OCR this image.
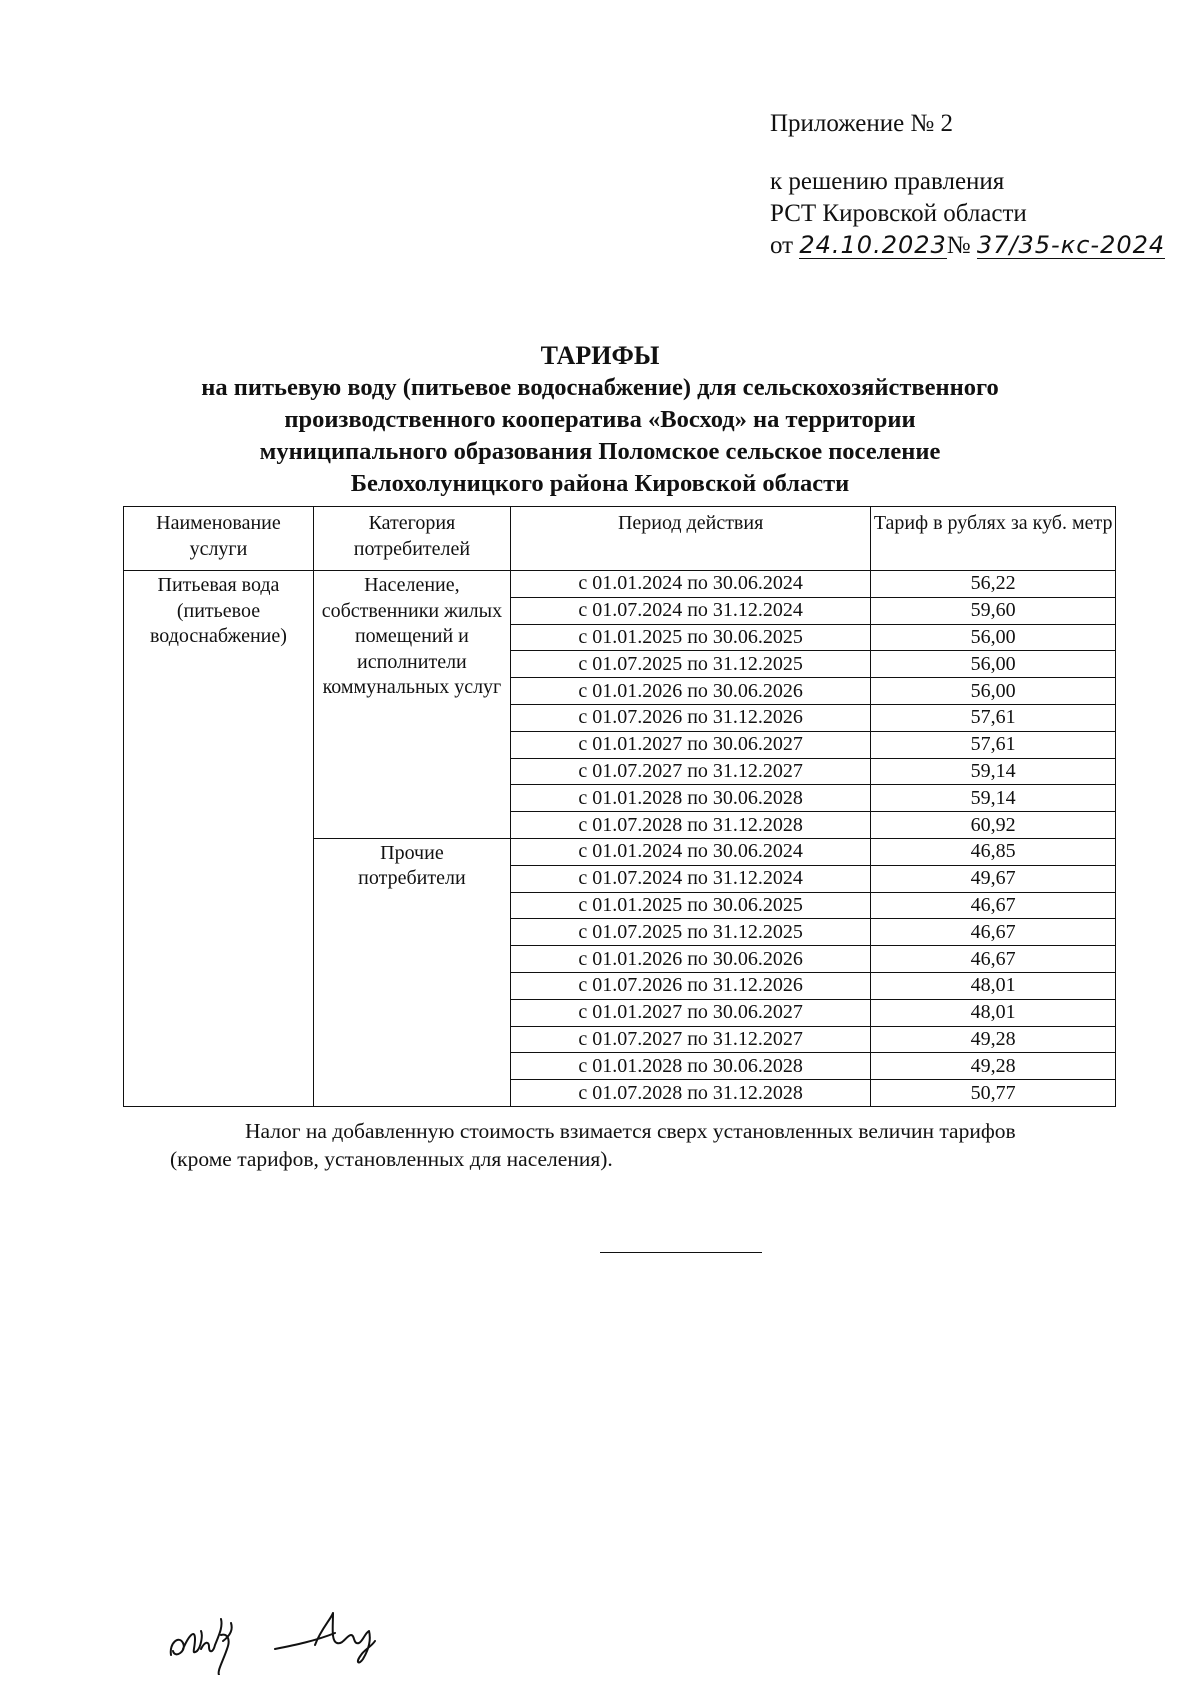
Приложение № 2
к решению правления
РСТ Кировской области
от 24.10.2023№ 37/35-кс-2024
ТАРИФЫ
на питьевую воду (питьевое водоснабжение) для сельскохозяйственного
производственного кооператива «Восход» на территории
муниципального образования Поломское сельское поселение
Белохолуницкого района Кировской области
Наименование услуги	Категория потребителей	Период действия	Тариф в рублях за куб. метр
Питьевая вода (питьевое водоснабжение)	Население, собственники жилых помещений и исполнители коммунальных услуг	с 01.01.2024 по 30.06.2024	56,22
		с 01.07.2024 по 31.12.2024	59,60
		с 01.01.2025 по 30.06.2025	56,00
		с 01.07.2025 по 31.12.2025	56,00
		с 01.01.2026 по 30.06.2026	56,00
		с 01.07.2026 по 31.12.2026	57,61
		с 01.01.2027 по 30.06.2027	57,61
		с 01.07.2027 по 31.12.2027	59,14
		с 01.01.2028 по 30.06.2028	59,14
		с 01.07.2028 по 31.12.2028	60,92
	Прочие потребители	с 01.01.2024 по 30.06.2024	46,85
		с 01.07.2024 по 31.12.2024	49,67
		с 01.01.2025 по 30.06.2025	46,67
		с 01.07.2025 по 31.12.2025	46,67
		с 01.01.2026 по 30.06.2026	46,67
		с 01.07.2026 по 31.12.2026	48,01
		с 01.01.2027 по 30.06.2027	48,01
		с 01.07.2027 по 31.12.2027	49,28
		с 01.01.2028 по 30.06.2028	49,28
		с 01.07.2028 по 31.12.2028	50,77
Налог на добавленную стоимость взимается сверх установленных величин тарифов
(кроме тарифов, установленных для населения).
